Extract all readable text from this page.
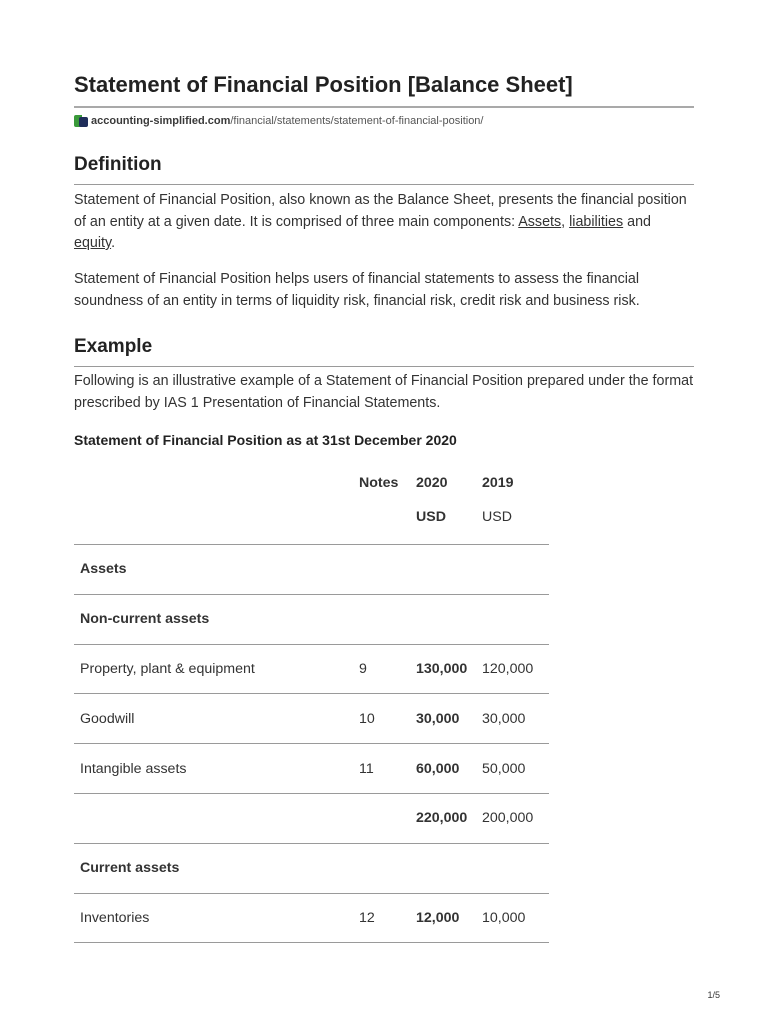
Statement of Financial Position [Balance Sheet]
accounting-simplified.com /financial/statements/statement-of-financial-position/
Definition

Statement of Financial Position, also known as the Balance Sheet, presents the financial position of an entity at a given date. It is comprised of three main components: Assets, liabilities and equity.

Statement of Financial Position helps users of financial statements to assess the financial soundness of an entity in terms of liquidity risk, financial risk, credit risk and business risk.

Example

Following is an illustrative example of a Statement of Financial Position prepared under the format prescribed by IAS 1 Presentation of Financial Statements.

Statement of Financial Position as at 31st December 2020
	Notes	2020	2019
		USD	USD
Assets			
Non-current assets			
Property, plant & equipment	9	130,000	120,000
Goodwill	10	30,000	30,000
Intangible assets	11	60,000	50,000
		220,000	200,000
Current assets			
Inventories	12	12,000	10,000
1/5
